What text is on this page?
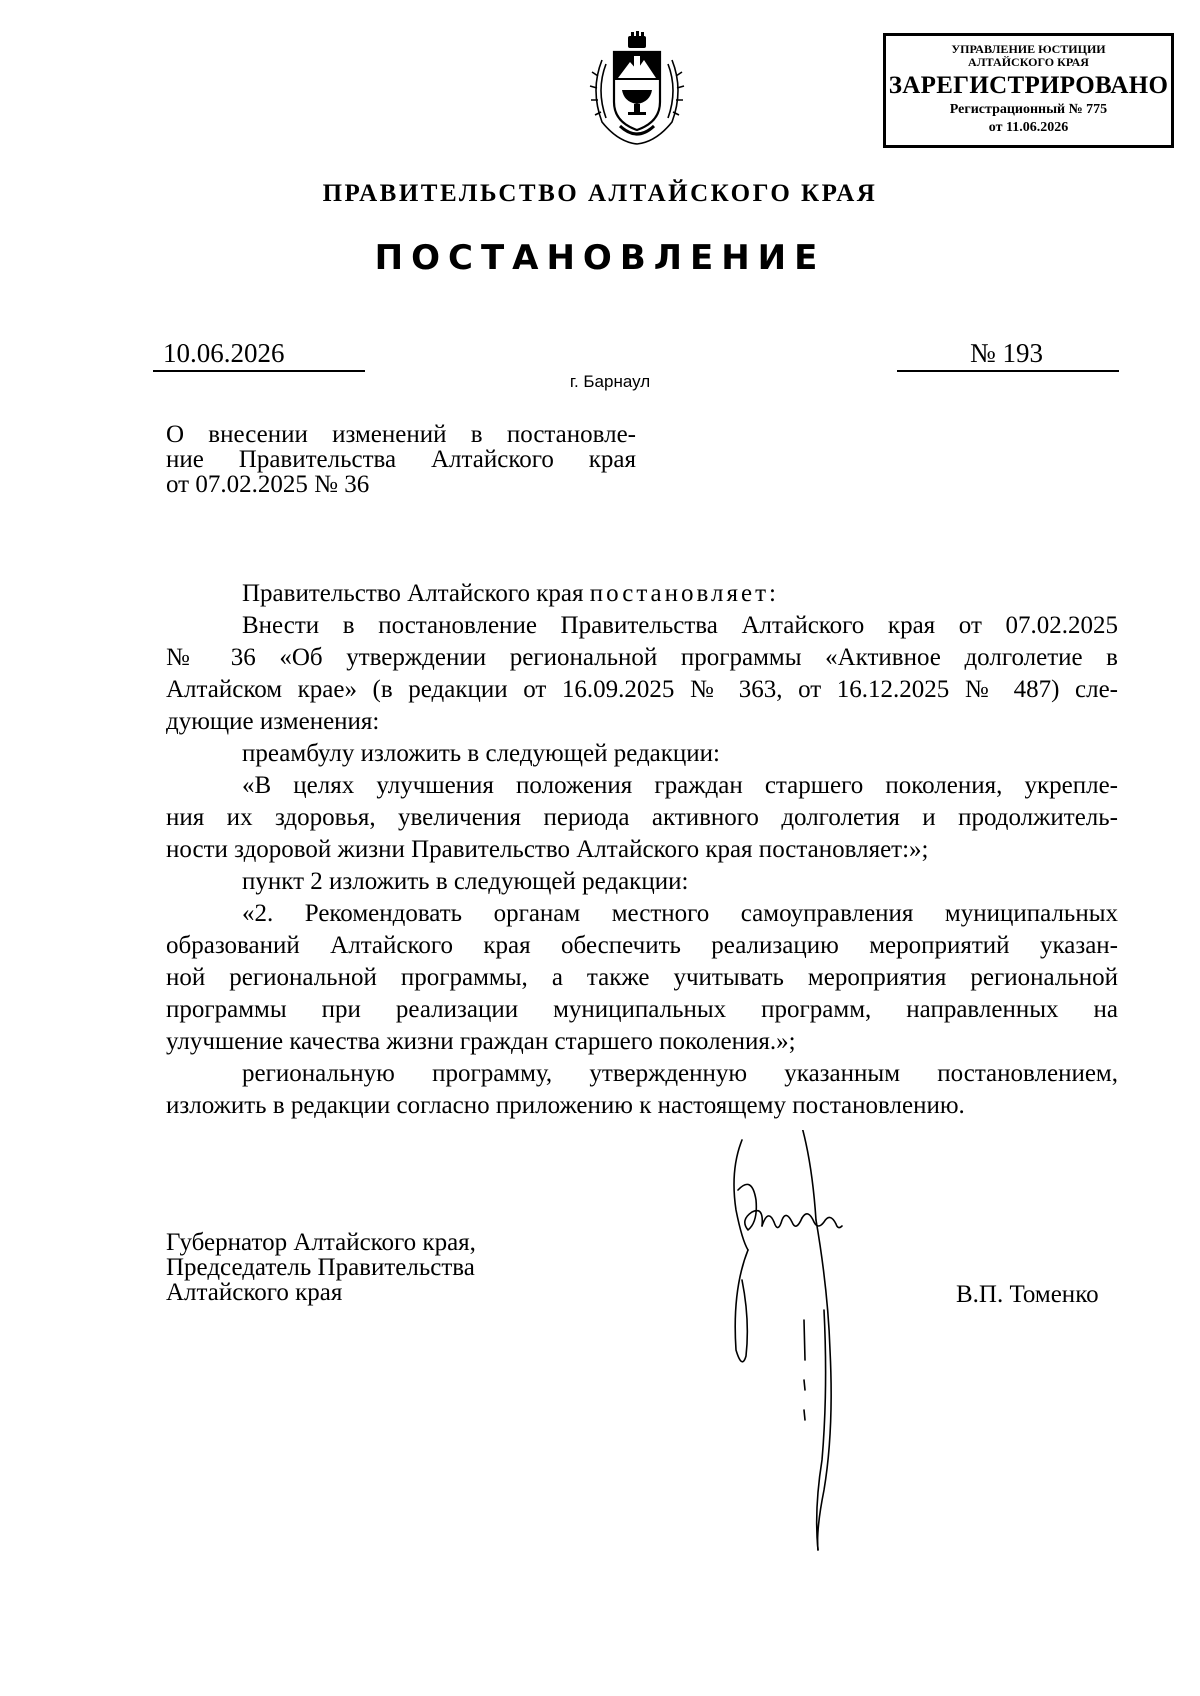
УПРАВЛЕНИЕ ЮСТИЦИИ
АЛТАЙСКОГО КРАЯ
ЗАРЕГИСТРИРОВАНО
Регистрационный № 775
от 11.06.2026
ПРАВИТЕЛЬСТВО АЛТАЙСКОГО КРАЯ
ПОСТАНОВЛЕНИЕ
10.06.2026	№ 193
г. Барнаул
О внесении изменений в постановле-
ние Правительства Алтайского края
от 07.02.2025 № 36
Правительство Алтайского края постановляет:
Внести в постановление Правительства Алтайского края от 07.02.2025
№ 36 «Об утверждении региональной программы «Активное долголетие в
Алтайском крае» (в редакции от 16.09.2025 № 363, от 16.12.2025 № 487) сле-
дующие изменения:
преамбулу изложить в следующей редакции:
«В целях улучшения положения граждан старшего поколения, укрепле-
ния их здоровья, увеличения периода активного долголетия и продолжитель-
ности здоровой жизни Правительство Алтайского края постановляет:»;
пункт 2 изложить в следующей редакции:
«2. Рекомендовать органам местного самоуправления муниципальных
образований Алтайского края обеспечить реализацию мероприятий указан-
ной региональной программы, а также учитывать мероприятия региональной
программы при реализации муниципальных программ, направленных на
улучшение качества жизни граждан старшего поколения.»;
региональную программу, утвержденную указанным постановлением,
изложить в редакции согласно приложению к настоящему постановлению.
Губернатор Алтайского края,
Председатель Правительства
Алтайского края	В.П. Томенко
